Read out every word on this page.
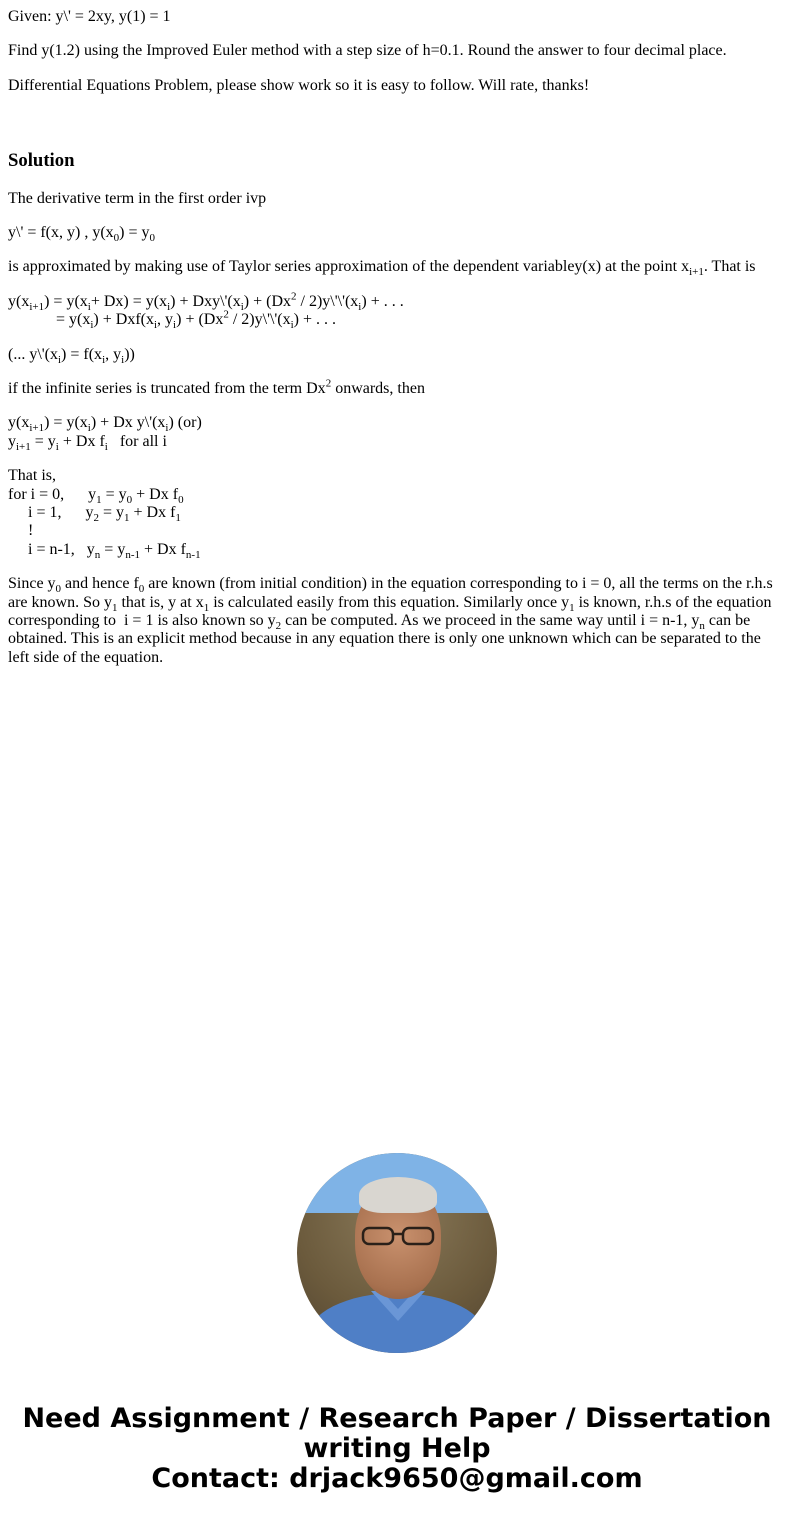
Given: y\' = 2xy, y(1) = 1

Find y(1.2) using the Improved Euler method with a step size of h=0.1. Round the answer to four decimal place.

Differential Equations Problem, please show work so it is easy to follow. Will rate, thanks!

Solution

The derivative term in the first order ivp

y\' = f(x, y) , $y(x_0) = y_0$

is approximated by making use of Taylor series approximation of the dependent variabley(x) at the point $x_{i+1}$. That is

$y(x_{i+1}) = y(x_i+ Dx) = y(x_i)$ + $Dxy\backslash'(x_i) + (Dx^2$ / $2)y\backslash'\backslash'(x_i)$ + . . .
= $y(x_i) + Dxf(x_i$, $y_i) + (Dx^2$ / $2)y\backslash'\backslash'(x_i)$ + . . .

(... $y\backslash'(x_i) = f(x_i$, $y_i$))

if the infinite series is truncated from the term Dx$^2$ onwards, then

$y(x_{i+1}) = y(x_i) + Dx$ $y\backslash'(x_i)$ (or)
$y_{i+1} = y_i + Dx$ $f_i$   for all i

That is,
for i = 0,      $y_1 = y_0 + Dx$ $f_0$
i = 1,      $y_2 = y_1 + Dx$ $f_1$
!
i = n-1,   $y_n = y_{n-1} + Dx$ $f_{n-1}$

Since $y_0$ and hence $f_0$ are known (from initial condition) in the equation corresponding to i = 0, all the terms on the r.h.s are known. So $y_1$ that is, y at $x_1$ is calculated easily from this equation. Similarly once $y_1$ is known, r.h.s of the equation corresponding to  i = 1 is also known so $y_2$ can be computed. As we proceed in the same way until i = n-1, $y_n$ can be obtained. This is an explicit method because in any equation there is only one unknown which can be separated to the left side of the equation.

Need Assignment / Research Paper / Dissertation
writing Help
Contact: drjack9650@gmail.com
